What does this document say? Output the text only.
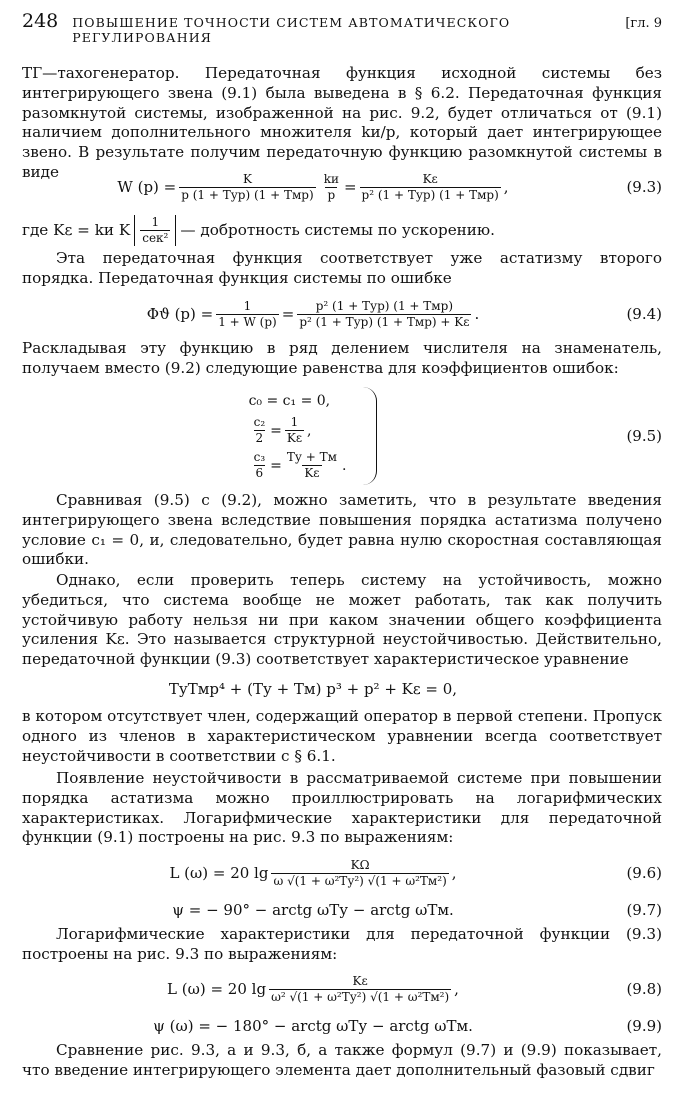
248 ПОВЫШЕНИЕ ТОЧНОСТИ СИСТЕМ АВТОМАТИЧЕСКОГО РЕГУЛИРОВАНИЯ
[гл. 9

ТГ—тахогенератор. Передаточная функция исходной системы без интегрирующего звена (9.1) была выведена в § 6.2. Передаточная функция разомкнутой системы, изображенной на рис. 9.2, будет отличаться от (9.1) наличием дополнительного множителя kи/p, который дает интегрирующее звено. В результате получим передаточную функцию разомкнутой системы в виде

W $(p) = \frac{K}{\text{p (1 + Tуp) (1 + Tмp)}} \frac{kи}{p} = \frac{K\varepsilon}{\text{p² (1 + Tуp) (1 + Tмp)}}$ ,	(9.3)
где Kε = kи K $\frac{1}{\text{сек²}}$ — добротность системы по ускорению.

Эта передаточная функция соответствует уже астатизму второго порядка. Передаточная функция системы по ошибке

Φϑ $(p) = \frac{1}{1 + W (p)} = \frac{\text{p² (1 + Tуp) (1 + Tмp)}}{\text{p² (1 + Tуp) (1 + Tмp) + Kε}}$ .	(9.4)

Раскладывая эту функцию в ряд делением числителя на знаменатель, получаем вместо (9.2) следующие равенства для коэффициентов ошибок:

c₀ = c₁ = 0,
$\frac{\text{c₂}}{2} = \frac{1}{K\varepsilon}$ ,
$\frac{\text{c₃}}{6} = \frac{Tу + Tм}{K\varepsilon}$ .
(9.5)

Сравнивая (9.5) с (9.2), можно заметить, что в результате введения интегрирующего звена вследствие повышения порядка астатизма получено условие c₁ = 0, и, следовательно, будет равна нулю скоростная составляющая ошибки.

Однако, если проверить теперь систему на устойчивость, можно убедиться, что система вообще не может работать, так как получить устойчивую работу нельзя ни при каком значении общего коэффициента усиления Kε. Это называется структурной неустойчивостью. Действительно, передаточной функции (9.3) соответствует характеристическое уравнение

TуTмp⁴ + (Tу + Tм) p³ + p² + Kε = 0,

в котором отсутствует член, содержащий оператор в первой степени. Пропуск одного из членов в характеристическом уравнении всегда соответствует неустойчивости в соответствии с § 6.1.

Появление неустойчивости в рассматриваемой системе при повышении порядка астатизма можно проиллюстрировать на логарифмических характеристиках. Логарифмические характеристики для передаточной функции (9.1) построены на рис. 9.3 по выражениям:

L (ω) = 20 $\lg \frac{K\Omega}{\text{ω √(1 + ω²Tу²) √(1 + ω²Tм²)}}$ ,	(9.6)
ψ = − 90° − arctg ωTу − arctg ωTм.	(9.7)

Логарифмические характеристики для передаточной функции (9.3) построены на рис. 9.3 по выражениям:

L (ω) = 20 $\lg \frac{K\varepsilon}{\text{ω² √(1 + ω²Tу²) √(1 + ω²Tм²)}}$ ,	(9.8)
ψ (ω) = − 180° − arctg ωTу − arctg ωTм.	(9.9)

Сравнение рис. 9.3, а и 9.3, б, а также формул (9.7) и (9.9) показывает, что введение интегрирующего элемента дает дополнительный фазовый сдвиг
